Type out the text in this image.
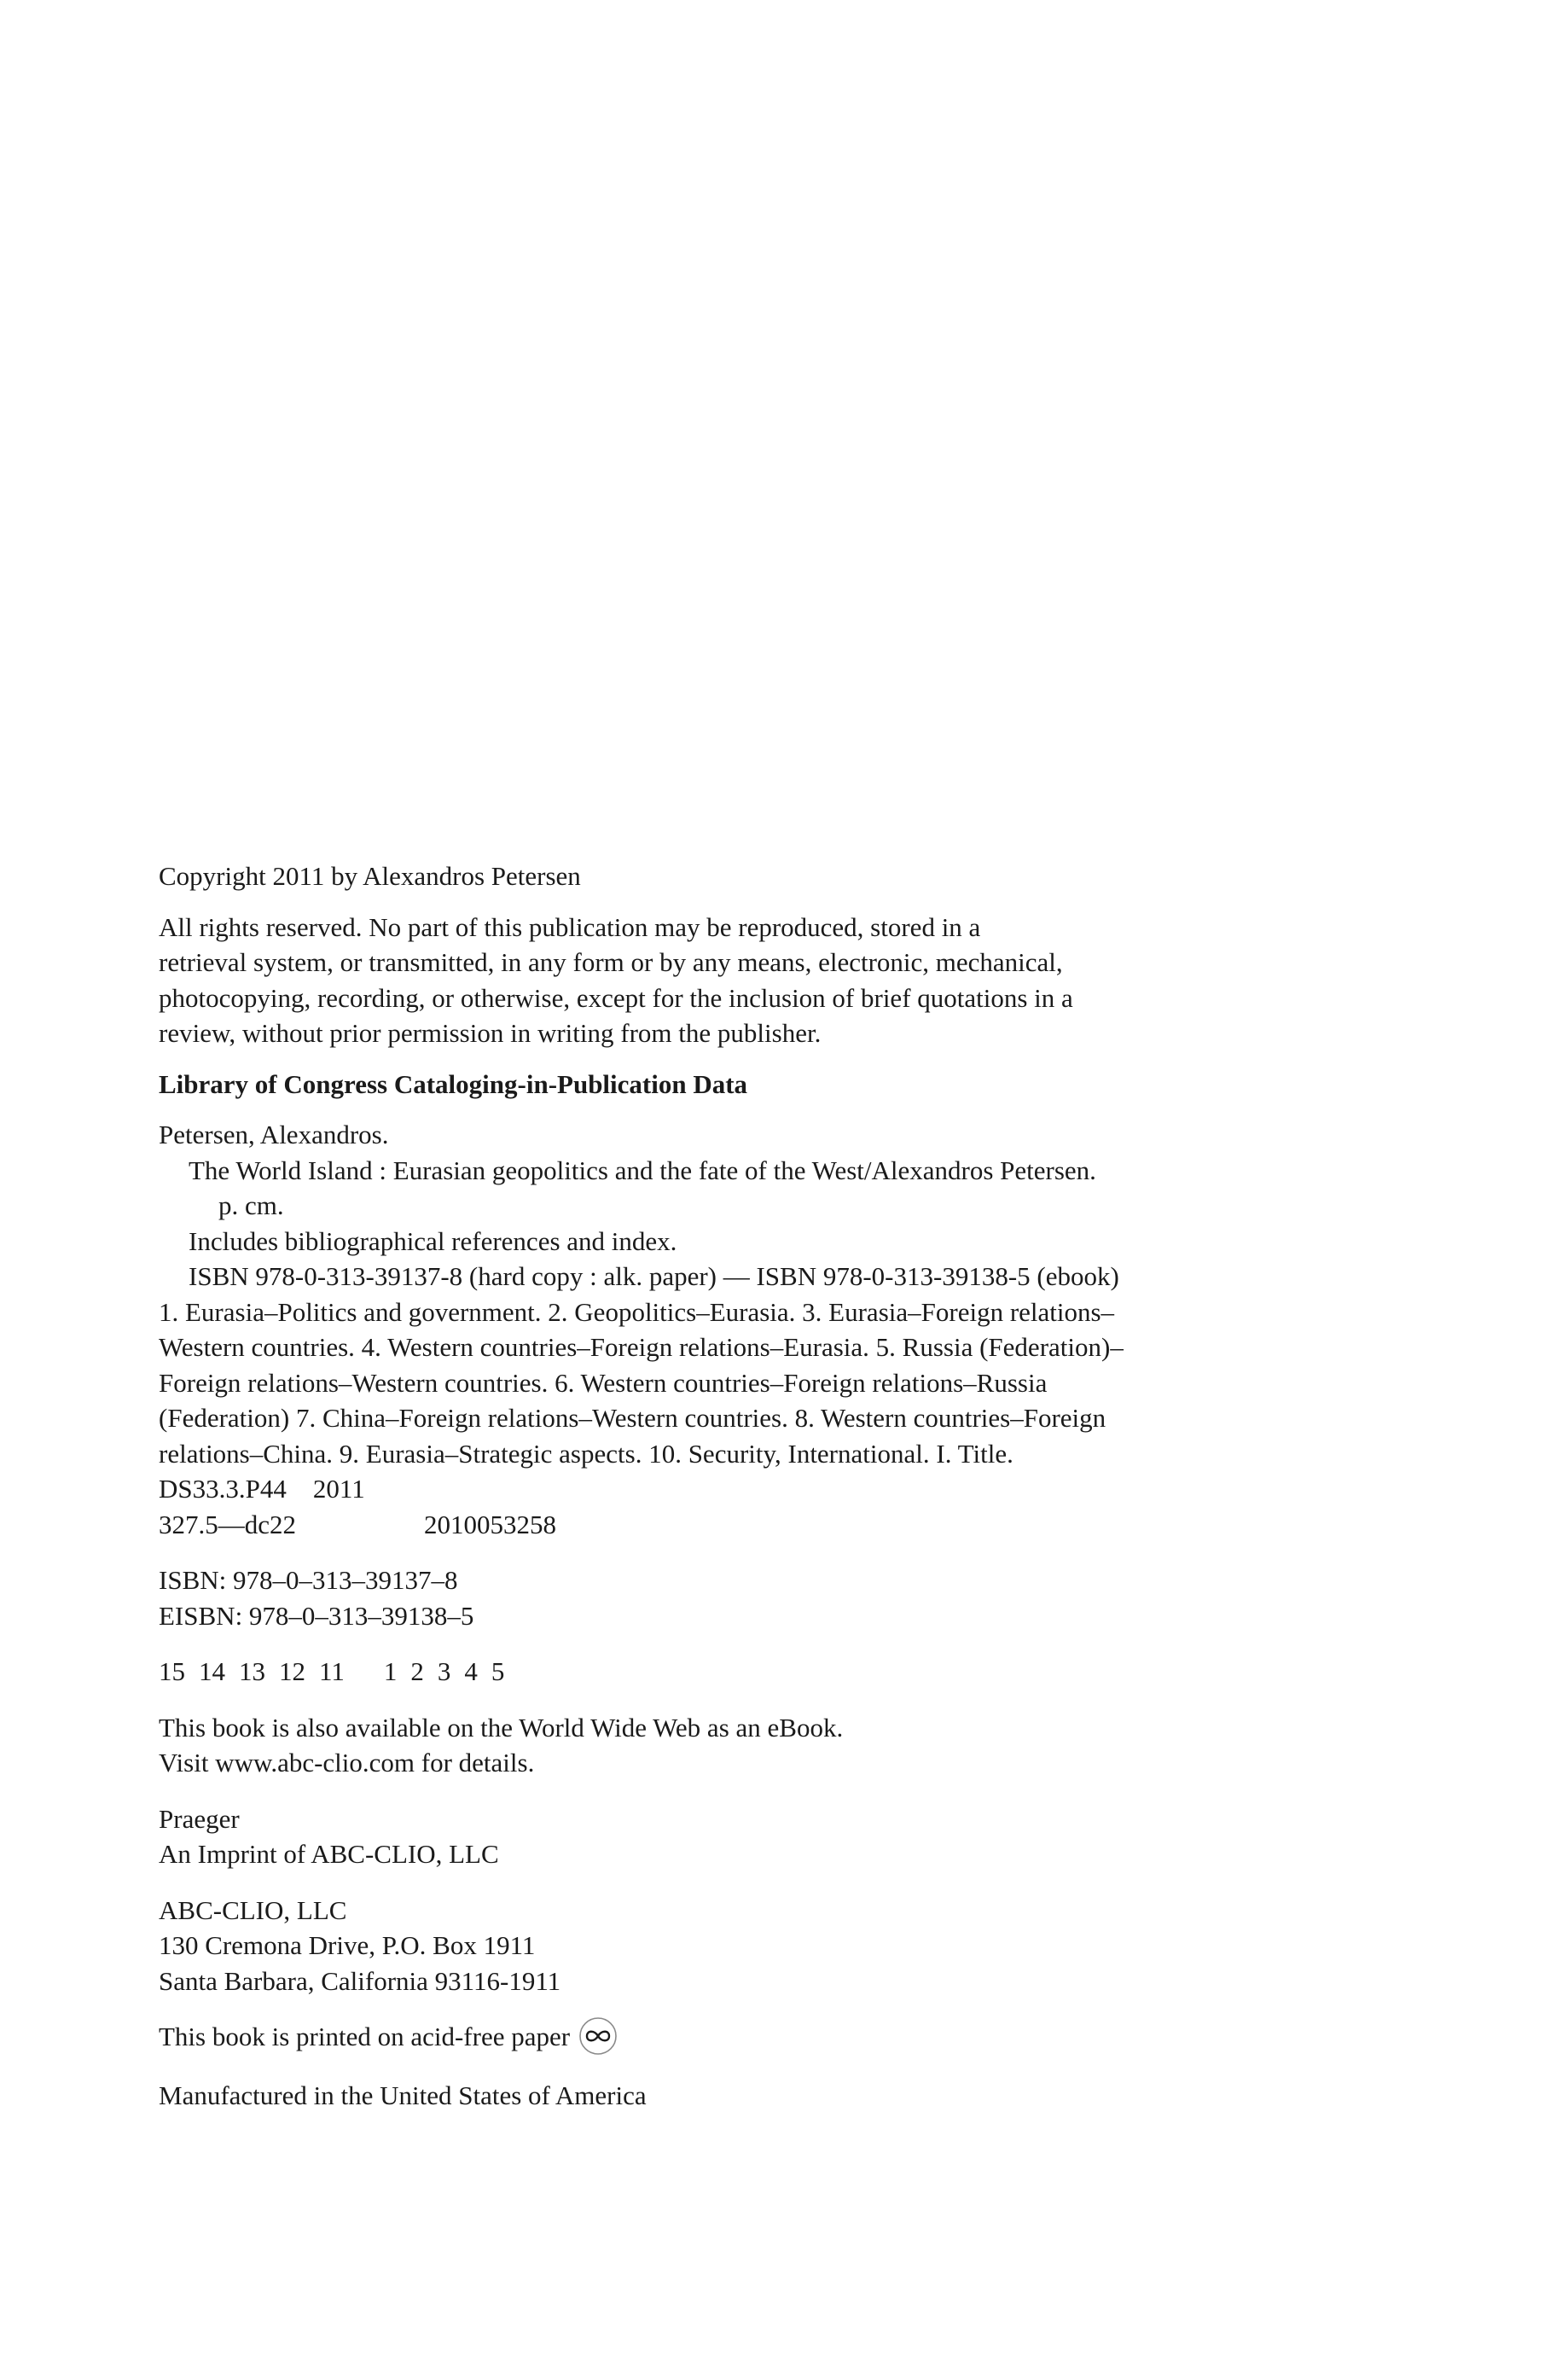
Copyright 2011 by Alexandros Petersen

All rights reserved. No part of this publication may be reproduced, stored in a
retrieval system, or transmitted, in any form or by any means, electronic, mechanical,
photocopying, recording, or otherwise, except for the inclusion of brief quotations in a
review, without prior permission in writing from the publisher.

Library of Congress Cataloging-in-Publication Data

Petersen, Alexandros.
The World Island : Eurasian geopolitics and the fate of the West/Alexandros Petersen.
p. cm.
Includes bibliographical references and index.
ISBN 978-0-313-39137-8 (hard copy : alk. paper) — ISBN 978-0-313-39138-5 (ebook)
1. Eurasia–Politics and government. 2. Geopolitics–Eurasia. 3. Eurasia–Foreign relations–
Western countries. 4. Western countries–Foreign relations–Eurasia. 5. Russia (Federation)–
Foreign relations–Western countries. 6. Western countries–Foreign relations–Russia
(Federation) 7. China–Foreign relations–Western countries. 8. Western countries–Foreign
relations–China. 9. Eurasia–Strategic aspects. 10. Security, International. I. Title.
DS33.3.P44    2011
327.5—dc22	2010053258

ISBN: 978–0–313–39137–8
EISBN: 978–0–313–39138–5

15 14 13 12 11 1 2 3 4 5

This book is also available on the World Wide Web as an eBook.
Visit www.abc-clio.com for details.

Praeger
An Imprint of ABC-CLIO, LLC

ABC-CLIO, LLC
130 Cremona Drive, P.O. Box 1911
Santa Barbara, California 93116-1911

This book is printed on acid-free paper

Manufactured in the United States of America
